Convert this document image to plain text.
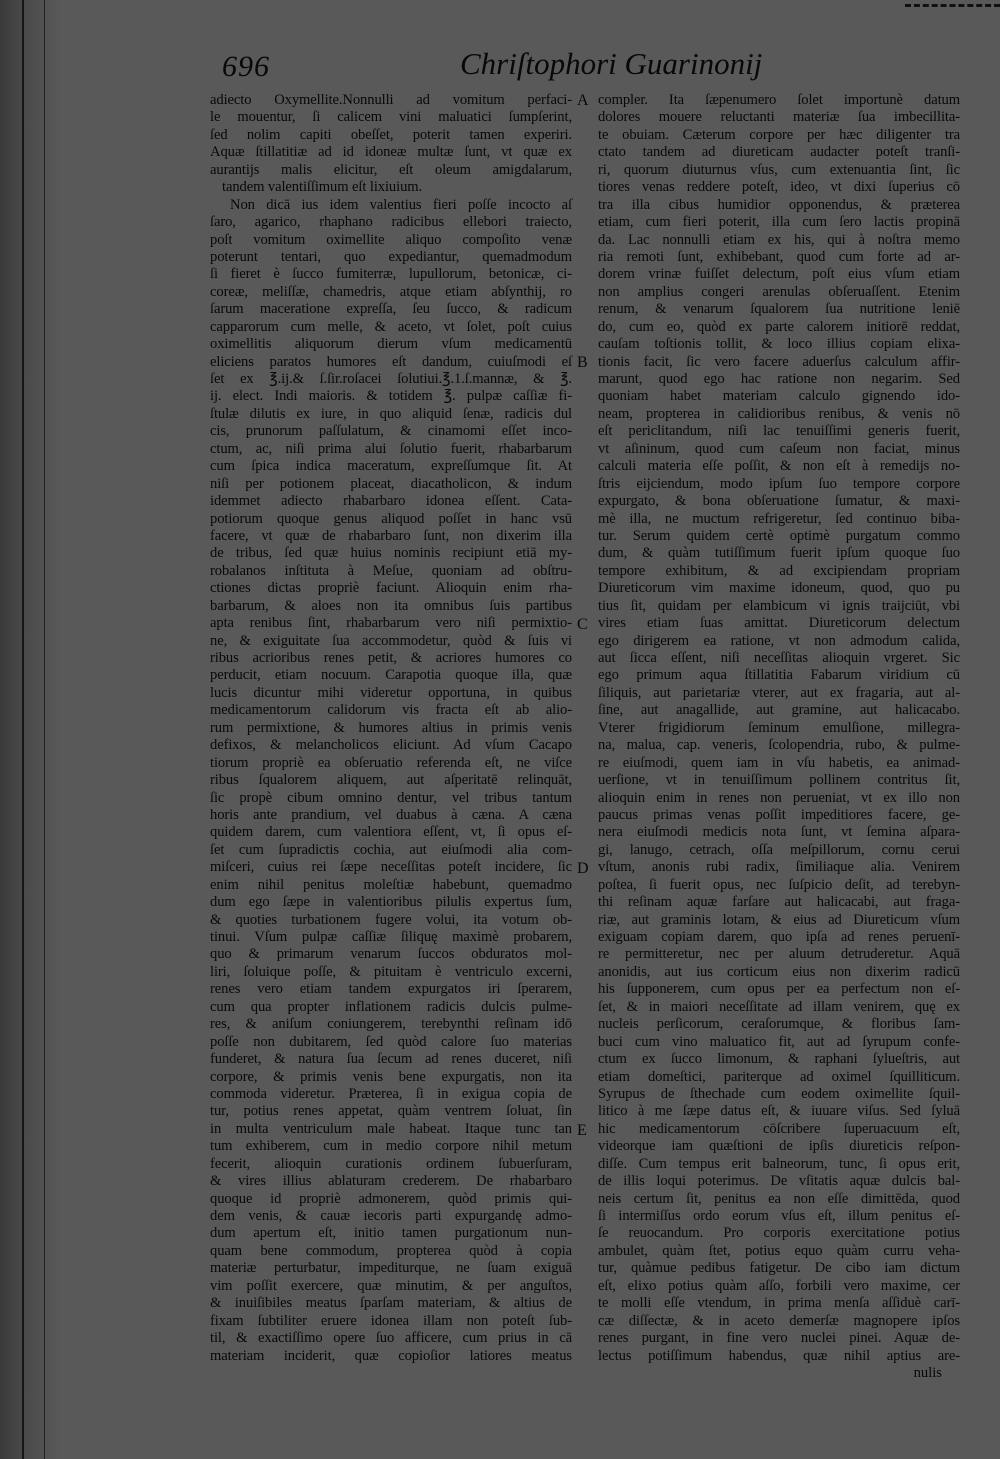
696	Chriſtophori Guarinonij
adiecto Oxymellite.Nonnulli ad vomitum perfaci-
le mouentur, ſi calicem vini maluatici ſumpſerint,
ſed nolim capiti obeſſet, poterit tamen experiri.
Aquæ ſtillatitiæ ad id idoneæ multæ ſunt, vt quæ ex
aurantijs malis elicitur, eſt oleum amigdalarum,
tandem valentiſſimum eſt lixiuium.
Non dicā ius idem valentius fieri poſſe incocto aſ
ſaro, agarico, rhaphano radicibus ellebori traiecto,
poſt vomitum oximellite aliquo compoſito venæ
poterunt tentari, quo expediantur, quemadmodum
ſi fieret è ſucco fumiterræ, lupullorum, betonicæ, ci-
coreæ, meliſſæ, chamedris, atque etiam abſynthij, ro
ſarum maceratione expreſſa, ſeu ſucco, & radicum
capparorum cum melle, & aceto, vt ſolet, poſt cuius
oximellitis aliquorum dierum vſum medicamentū
eliciens paratos humores eſt dandum, cuiuſmodi eſ
ſet ex ℥.ij.& ſ.ſir.roſacei ſolutiui.℥.1.ſ.mannæ, & ℥.
ij. elect. Indi maioris. & totidem ℥. pulpæ caſſiæ fi-
ſtulæ dilutis ex iure, in quo aliquid ſenæ, radicis dul
cis, prunorum paſſulatum, & cinamomi eſſet inco-
ctum, ac, niſi prima alui ſolutio fuerit, rhabarbarum
cum ſpica indica maceratum, expreſſumque ſit. At
niſi per potionem placeat, diacatholicon, & indum
idemmet adiecto rhabarbaro idonea eſſent. Cata-
potiorum quoque genus aliquod poſſet in hanc vsū
facere, vt quæ de rhabarbaro ſunt, non dixerim illa
de tribus, ſed quæ huius nominis recipiunt etiā my-
robalanos inſtituta à Meſue, quoniam ad obſtru-
ctiones dictas propriè faciunt. Alioquin enim rha-
barbarum, & aloes non ita omnibus ſuis partibus
apta renibus ſint, rhabarbarum vero niſi permixtio-
ne, & exiguitate ſua accommodetur, quòd & ſuis vi
ribus acrioribus renes petit, & acriores humores co
perducit, etiam nocuum. Carapotia quoque illa, quæ
lucis dicuntur mihi videretur opportuna, in quibus
medicamentorum calidorum vis fracta eſt ab alio-
rum permixtione, & humores altius in primis venis
defixos, & melancholicos eliciunt. Ad vſum Cacapo
tiorum propriè ea obſeruatio referenda eſt, ne viſce
ribus ſqualorem aliquem, aut aſperitatē relinquāt,
ſic propè cibum omnino dentur, vel tribus tantum
horis ante prandium, vel duabus à cæna. A cæna
quidem darem, cum valentiora eſſent, vt, ſi opus eſ-
ſet cum ſupradictis cochia, aut eiuſmodi alia com-
miſceri, cuius rei ſæpe neceſſitas poteſt incidere, ſic
enim nihil penitus moleſtiæ habebunt, quemadmo
dum ego ſæpe in valentioribus pilulis expertus ſum,
& quoties turbationem fugere volui, ita votum ob-
tinui. Vſum pulpæ caſſiæ ſiliquę maximè probarem,
quo & primarum venarum ſuccos obduratos mol-
liri, ſoluique poſſe, & pituitam è ventriculo excerni,
renes vero etiam tandem expurgatos iri ſperarem,
cum qua propter inflationem radicis dulcis pulme-
res, & aniſum coniungerem, terebynthi reſinam idō
poſſe non dubitarem, ſed quòd calore ſuo materias
funderet, & natura ſua ſecum ad renes duceret, niſi
corpore, & primis venis bene expurgatis, non ita
commoda videretur. Præterea, ſi in exigua copia de
tur, potius renes appetat, quàm ventrem ſoluat, ſin
in multa ventriculum male habeat. Itaque tunc tan
tum exhiberem, cum in medio corpore nihil metum
fecerit, alioquin curationis ordinem ſubuerſuram,
& vires illius ablaturam crederem. De rhabarbaro
quoque id propriè admonerem, quòd primis qui-
dem venis, & cauæ iecoris parti expurgandę admo-
dum apertum eſt, initio tamen purgationum nun-
quam bene commodum, propterea quòd à copia
materiæ perturbatur, impediturque, ne ſuam exiguā
vim poſſit exercere, quæ minutim, & per anguſtos,
& inuiſibiles meatus ſparſam materiam, & altius de
fixam ſubtiliter eruere idonea illam non poteſt ſub-
til, & exactiſſimo opere ſuo afficere, cum prius in cā
materiam inciderit, quæ copioſior latiores meatus
compler. Ita ſæpenumero ſolet importunè datum
dolores mouere reluctanti materiæ ſua imbecillita-
te obuiam. Cæterum corpore per hæc diligenter tra
ctato tandem ad diureticam audacter poteſt tranſi-
ri, quorum diuturnus vſus, cum extenuantia ſint, ſic
tiores venas reddere poteſt, ideo, vt dixi ſuperius cō
tra illa cibus humidior opponendus, & præterea
etiam, cum fieri poterit, illa cum ſero lactis propinā
da. Lac nonnulli etiam ex his, qui à noſtra memo
ria remoti ſunt, exhibebant, quod cum forte ad ar-
dorem vrinæ fuiſſet delectum, poſt eius vſum etiam
non amplius congeri arenulas obſeruaſſent. Etenim
renum, & venarum ſqualorem ſua nutritione leniē
do, cum eo, quòd ex parte calorem initiorē reddat,
cauſam toſtionis tollit, & loco illius copiam elixa-
tionis facit, ſic vero facere aduerſus calculum affir-
marunt, quod ego hac ratione non negarim. Sed
quoniam habet materiam calculo gignendo ido-
neam, propterea in calidioribus renibus, & venis nō
eſt periclitandum, niſi lac tenuiſſimi generis fuerit,
vt aſininum, quod cum caſeum non faciat, minus
calculi materia eſſe poſſit, & non eſt à remedijs no-
ſtris eijciendum, modo ipſum ſuo tempore corpore
expurgato, & bona obſeruatione ſumatur, & maxi-
mè illa, ne muctum refrigeretur, ſed continuo biba-
tur. Serum quidem certè optimè purgatum commo
dum, & quàm tutiſſimum fuerit ipſum quoque ſuo
tempore exhibitum, & ad excipiendam propriam
Diureticorum vim maxime idoneum, quod, quo pu
tius ſit, quidam per elambicum vi ignis traijciūt, vbi
vires etiam ſuas amittat. Diureticorum delectum
ego dirigerem ea ratione, vt non admodum calida,
aut ſicca eſſent, niſi neceſſitas alioquin vrgeret. Sic
ego primum aqua ſtillatitia Fabarum viridium cū
ſiliquis, aut parietariæ vterer, aut ex fragaria, aut al-
ſine, aut anagallide, aut gramine, aut halicacabo.
Vterer frigidiorum ſeminum emulſione, millegra-
na, malua, cap. veneris, ſcolopendria, rubo, & pulme-
re eiuſmodi, quem iam in vſu habetis, ea animad-
uerſione, vt in tenuiſſimum pollinem contritus ſit,
alioquin enim in renes non perueniat, vt ex illo non
paucus primas venas poſſit impeditiores facere, ge-
nera eiuſmodi medicis nota ſunt, vt ſemina aſpara-
gi, lanugo, cetrach, oſſa meſpillorum, cornu cerui
vſtum, anonis rubi radix, ſimiliaque alia. Venirem
poſtea, ſi fuerit opus, nec ſuſpicio deſit, ad terebyn-
thi reſinam aquæ farſare aut halicacabi, aut fraga-
riæ, aut graminis lotam, & eius ad Diureticum vſum
exiguam copiam darem, quo ipſa ad renes peruenī-
re permitteretur, nec per aluum detruderetur. Aquā
anonidis, aut ius corticum eius non dixerim radicū
his ſupponerem, cum opus per ea perfectum non eſ-
ſet, & in maiori neceſſitate ad illam venirem, quę ex
nucleis perſicorum, ceraſorumque, & floribus ſam-
buci cum vino maluatico fit, aut ad ſyrupum confe-
ctum ex ſucco limonum, & raphani ſylueſtris, aut
etiam domeſtici, pariterque ad oximel ſquilliticum.
Syrupus de ſthechade cum eodem oximellite ſquil-
litico à me ſæpe datus eſt, & iuuare viſus. Sed ſyluā
hic medicamentorum cōſcribere ſuperuacuum eſt,
videorque iam quæſtioni de ipſis diureticis reſpon-
diſſe. Cum tempus erit balneorum, tunc, ſi opus erit,
de illis loqui poterimus. De vſitatis aquæ dulcis bal-
neis certum ſit, penitus ea non eſſe dimittēda, quod
ſi intermiſſus ordo eorum vſus eſt, illum penitus eſ-
ſe reuocandum. Pro corporis exercitatione potius
ambulet, quàm ſtet, potius equo quàm curru veha-
tur, quàmue pedibus fatigetur. De cibo iam dictum
eſt, elixo potius quàm aſſo, forbili vero maxime, cer
te molli eſſe vtendum, in prima menſa aſſiduè carī-
cæ diſſectæ, & in aceto demerſæ magnopere ipſos
renes purgant, in fine vero nuclei pinei. Aquæ de-
lectus potiſſimum habendus, quæ nihil aptius are-
nulis
B
A
C
D
E
